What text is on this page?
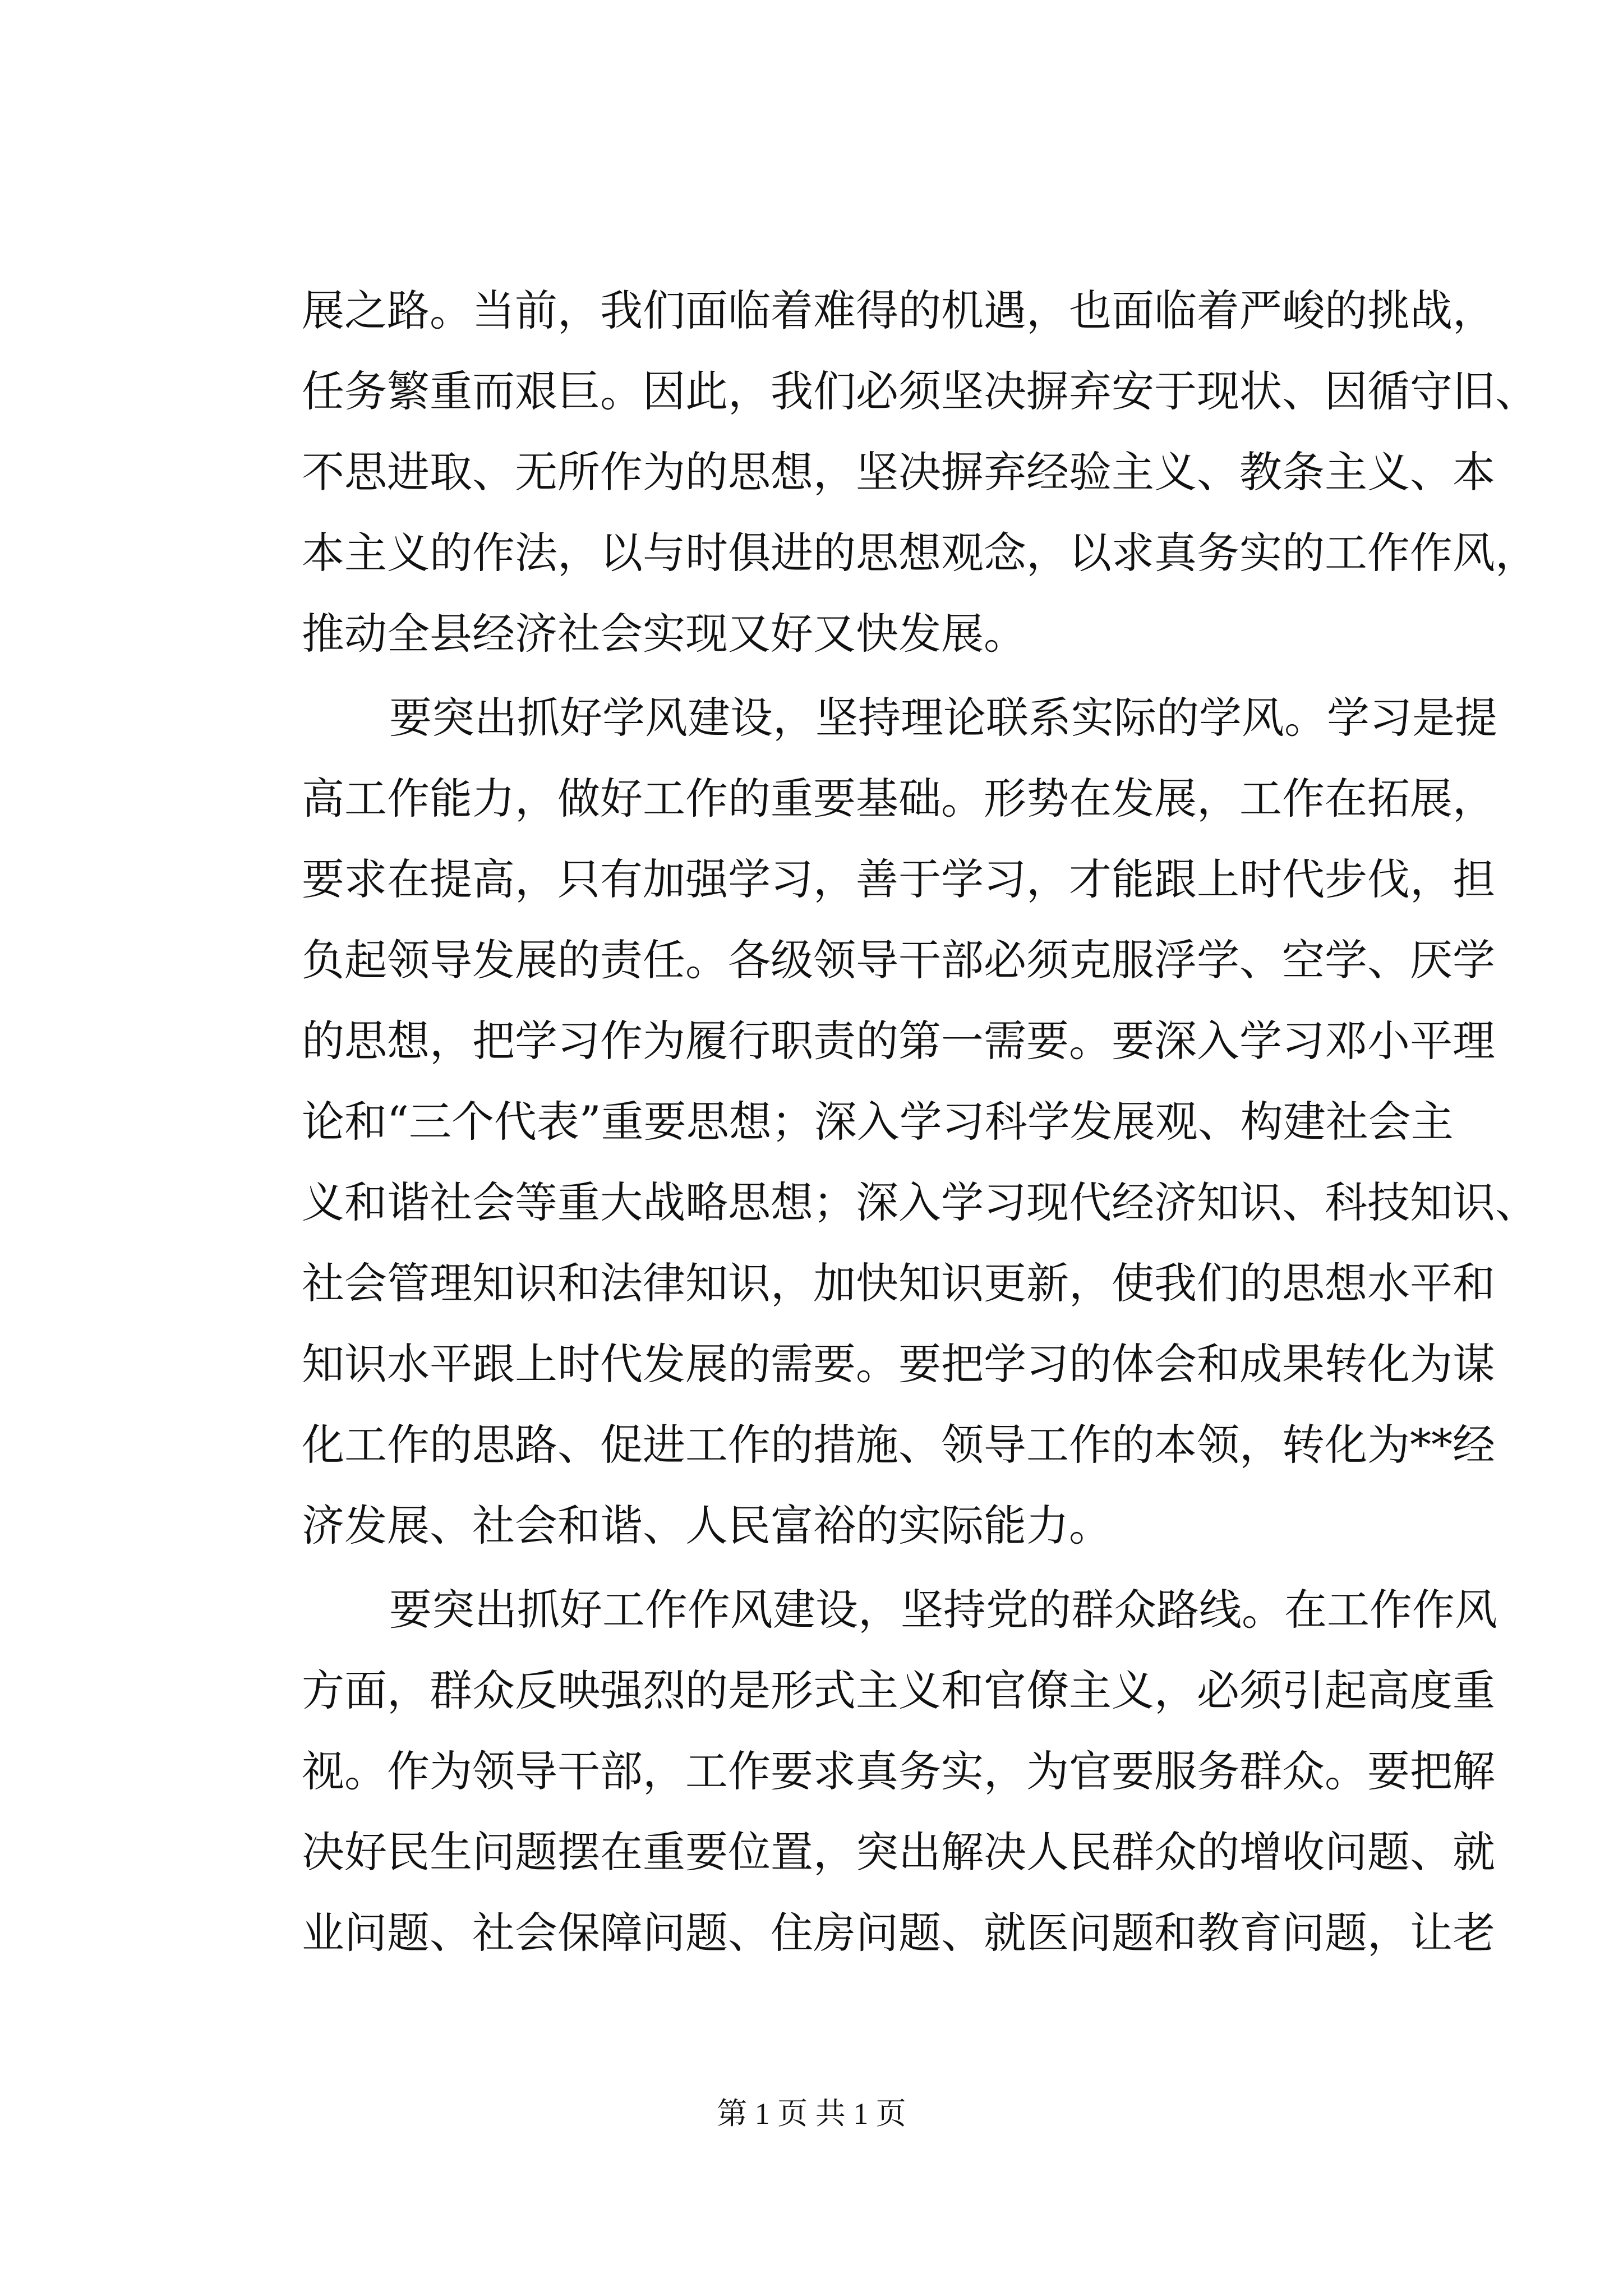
展之路。当前，我们面临着难得的机遇，也面临着严峻的挑战，
任务繁重而艰巨。因此，我们必须坚决摒弃安于现状、因循守旧、
不思进取、无所作为的思想，坚决摒弃经验主义、教条主义、本
本主义的作法，以与时俱进的思想观念，以求真务实的工作作风，
推动全县经济社会实现又好又快发展。
要突出抓好学风建设，坚持理论联系实际的学风。学习是提
高工作能力，做好工作的重要基础。形势在发展，工作在拓展，
要求在提高，只有加强学习，善于学习，才能跟上时代步伐，担
负起领导发展的责任。各级领导干部必须克服浮学、空学、厌学
的思想，把学习作为履行职责的第一需要。要深入学习邓小平理
论和“三个代表”重要思想；深入学习科学发展观、构建社会主
义和谐社会等重大战略思想；深入学习现代经济知识、科技知识、
社会管理知识和法律知识，加快知识更新，使我们的思想水平和
知识水平跟上时代发展的需要。要把学习的体会和成果转化为谋
化工作的思路、促进工作的措施、领导工作的本领，转化为**经
济发展、社会和谐、人民富裕的实际能力。
要突出抓好工作作风建设，坚持党的群众路线。在工作作风
方面，群众反映强烈的是形式主义和官僚主义，必须引起高度重
视。作为领导干部，工作要求真务实，为官要服务群众。要把解
决好民生问题摆在重要位置，突出解决人民群众的增收问题、就
业问题、社会保障问题、住房问题、就医问题和教育问题，让老
第 1 页 共 1 页
